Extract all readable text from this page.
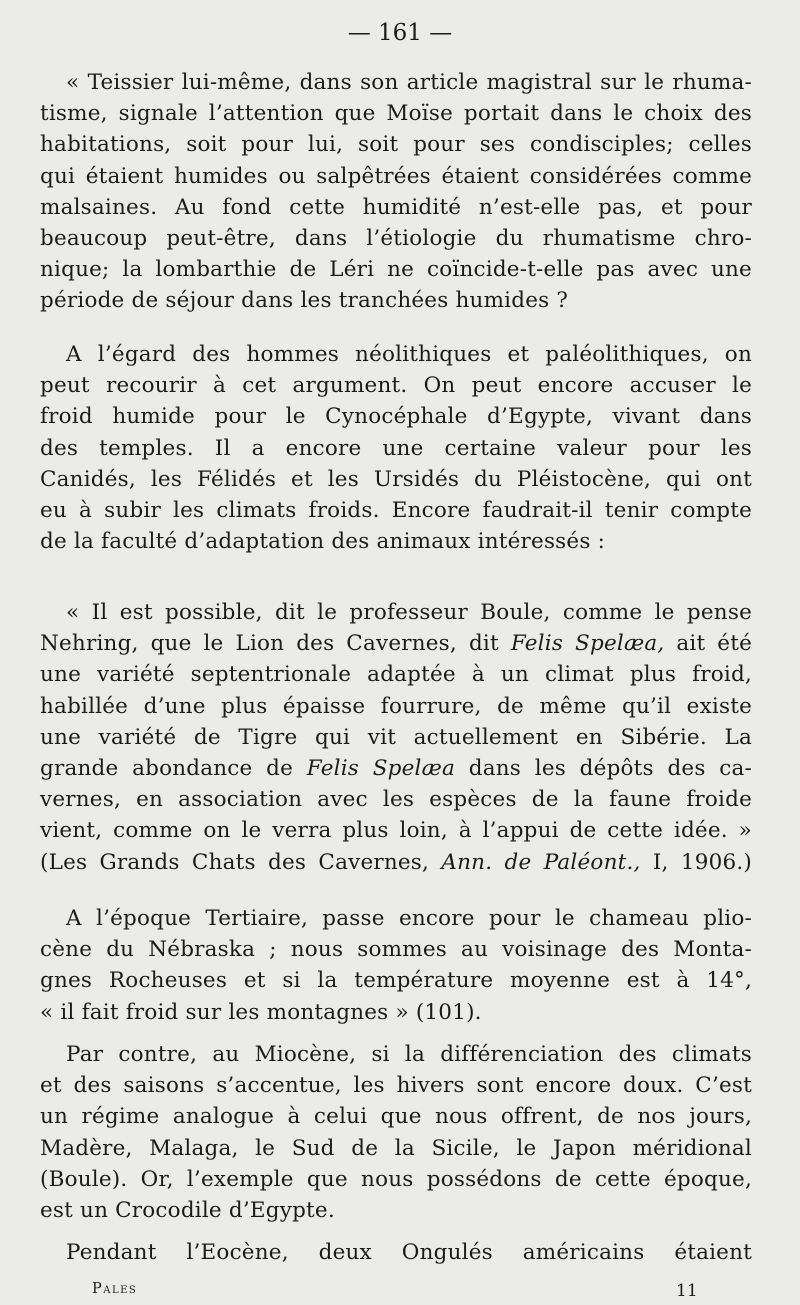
— 161 —

« Teissier lui-même, dans son article magistral sur le rhuma-
tisme, signale l’attention que Moïse portait dans le choix des
habitations, soit pour lui, soit pour ses condisciples; celles
qui étaient humides ou salpêtrées étaient considérées comme
malsaines. Au fond cette humidité n’est-elle pas, et pour
beaucoup peut-être, dans l’étiologie du rhumatisme chro-
nique; la lombarthie de Léri ne coïncide-t-elle pas avec une
période de séjour dans les tranchées humides ?

A l’égard des hommes néolithiques et paléolithiques, on
peut recourir à cet argument. On peut encore accuser le
froid humide pour le Cynocéphale d’Egypte, vivant dans
des temples. Il a encore une certaine valeur pour les
Canidés, les Félidés et les Ursidés du Pléistocène, qui ont
eu à subir les climats froids. Encore faudrait-il tenir compte
de la faculté d’adaptation des animaux intéressés :

« Il est possible, dit le professeur Boule, comme le pense
Nehring, que le Lion des Cavernes, dit Felis Spelæa, ait été
une variété septentrionale adaptée à un climat plus froid,
habillée d’une plus épaisse fourrure, de même qu’il existe
une variété de Tigre qui vit actuellement en Sibérie. La
grande abondance de Felis Spelæa dans les dépôts des ca-
vernes, en association avec les espèces de la faune froide
vient, comme on le verra plus loin, à l’appui de cette idée. »
(Les Grands Chats des Cavernes, Ann. de Paléont., I, 1906.)

A l’époque Tertiaire, passe encore pour le chameau plio-
cène du Nébraska ; nous sommes au voisinage des Monta-
gnes Rocheuses et si la température moyenne est à 14°,
« il fait froid sur les montagnes » (101).

Par contre, au Miocène, si la différenciation des climats
et des saisons s’accentue, les hivers sont encore doux. C’est
un régime analogue à celui que nous offrent, de nos jours,
Madère, Malaga, le Sud de la Sicile, le Japon méridional
(Boule). Or, l’exemple que nous possédons de cette époque,
est un Crocodile d’Egypte.

Pendant l’Eocène, deux Ongulés américains étaient

Pales	11
